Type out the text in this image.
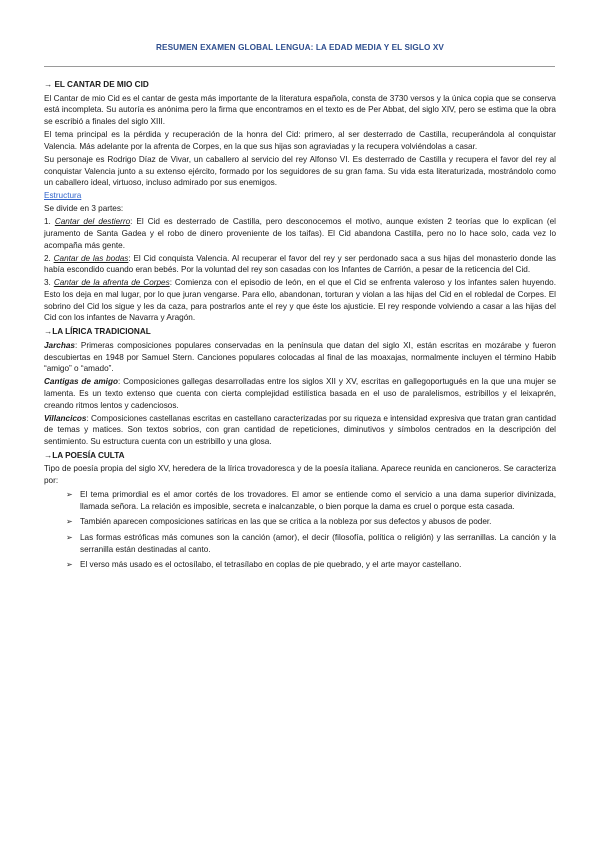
RESUMEN EXAMEN GLOBAL LENGUA: LA EDAD MEDIA Y EL SIGLO XV
→ EL CANTAR DE MIO CID

El Cantar de mio Cid es el cantar de gesta más importante de la literatura española, consta de 3730 versos y la única copia que se conserva está incompleta. Su autoría es anónima pero la firma que encontramos en el texto es de Per Abbat, del siglo XIV, pero se estima que la obra se escribió a finales del siglo XIII.

El tema principal es la pérdida y recuperación de la honra del Cid: primero, al ser desterrado de Castilla, recuperándola al conquistar Valencia. Más adelante por la afrenta de Corpes, en la que sus hijas son agraviadas y la recupera volviéndolas a casar.

Su personaje es Rodrigo Díaz de Vivar, un caballero al servicio del rey Alfonso VI. Es desterrado de Castilla y recupera el favor del rey al conquistar Valencia junto a su extenso ejército, formado por los seguidores de su gran fama. Su vida esta literaturizada, mostrándolo como un caballero ideal, virtuoso, incluso admirado por sus enemigos.

Estructura

Se divide en 3 partes:

1. Cantar del destierro: El Cid es desterrado de Castilla, pero desconocemos el motivo, aunque existen 2 teorías que lo explican (el juramento de Santa Gadea y el robo de dinero proveniente de los taifas). El Cid abandona Castilla, pero no lo hace solo, cada vez lo acompaña más gente.

2. Cantar de las bodas: El Cid conquista Valencia. Al recuperar el favor del rey y ser perdonado saca a sus hijas del monasterio donde las había escondido cuando eran bebés. Por la voluntad del rey son casadas con los Infantes de Carrión, a pesar de la reticencia del Cid.

3. Cantar de la afrenta de Corpes: Comienza con el episodio de león, en el que el Cid se enfrenta valeroso y los infantes salen huyendo. Esto los deja en mal lugar, por lo que juran vengarse. Para ello, abandonan, torturan y violan a las hijas del Cid en el robledal de Corpes. El sobrino del Cid los sigue y les da caza, para postrarlos ante el rey y que éste los ajusticie. El rey responde volviendo a casar a las hijas del Cid con los infantes de Navarra y Aragón.

→LA LÍRICA TRADICIONAL

Jarchas: Primeras composiciones populares conservadas en la península que datan del siglo XI, están escritas en mozárabe y fueron descubiertas en 1948 por Samuel Stern. Canciones populares colocadas al final de las moaxajas, normalmente incluyen el término Habib “amigo” o “amado”.

Cantigas de amigo: Composiciones gallegas desarrolladas entre los siglos XII y XV, escritas en gallegoportugués en la que una mujer se lamenta. Es un texto extenso que cuenta con cierta complejidad estilística basada en el uso de paralelismos, estribillos y el leixaprén, creando ritmos lentos y cadenciosos.

Villancicos: Composiciones castellanas escritas en castellano caracterizadas por su riqueza e intensidad expresiva que tratan gran cantidad de temas y matices. Son textos sobrios, con gran cantidad de repeticiones, diminutivos y símbolos centrados en la descripción del sentimiento. Su estructura cuenta con un estribillo y una glosa.

→LA POESÍA CULTA

Tipo de poesía propia del siglo XV, heredera de la lírica trovadoresca y de la poesía italiana. Aparece reunida en cancioneros. Se caracteriza por:

➢ El tema primordial es el amor cortés de los trovadores. El amor se entiende como el servicio a una dama superior divinizada, llamada señora. La relación es imposible, secreta e inalcanzable, o bien porque la dama es cruel o porque esta casada.
➢ También aparecen composiciones satíricas en las que se critica a la nobleza por sus defectos y abusos de poder.
➢ Las formas estróficas más comunes son la canción (amor), el decir (filosofía, política o religión) y las serranillas. La canción y la serranilla están destinadas al canto.
➢ El verso más usado es el octosílabo, el tetrasílabo en coplas de pie quebrado, y el arte mayor castellano.
